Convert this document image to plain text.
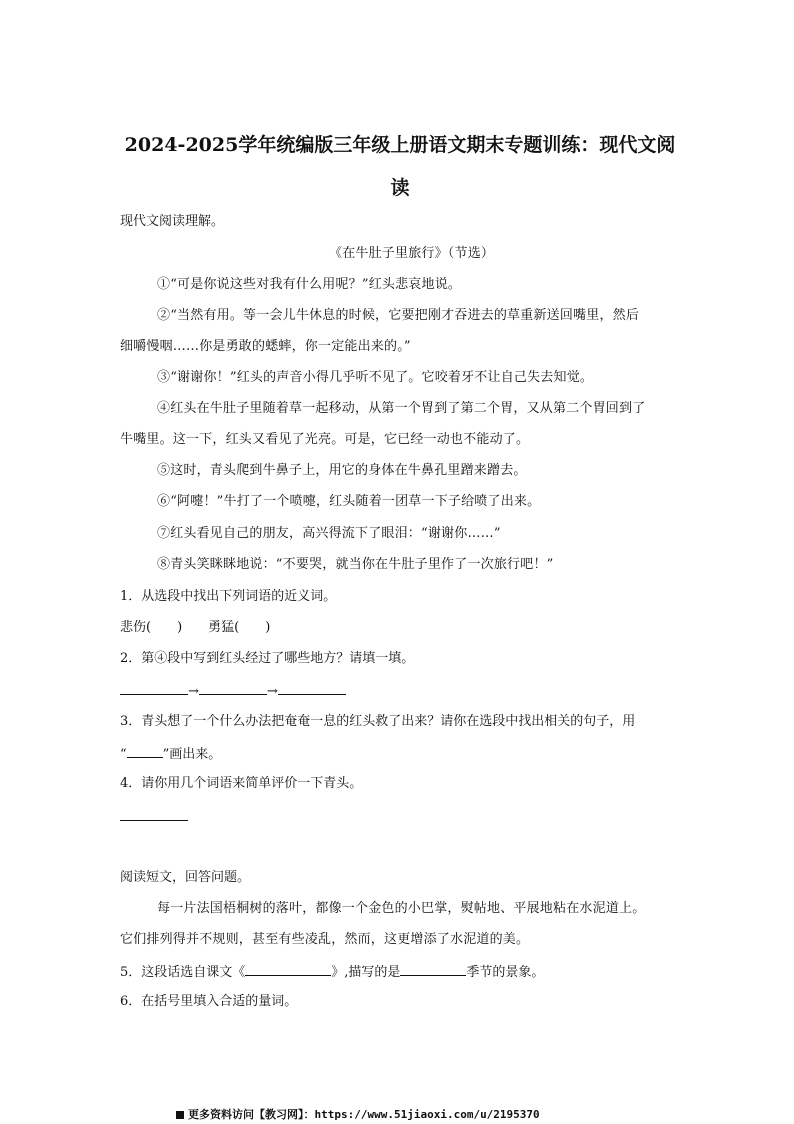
2024-2025学年统编版三年级上册语文期末专题训练：现代文阅
读
现代文阅读理解。
《在牛肚子里旅行》（节选）
①“可是你说这些对我有什么用呢？”红头悲哀地说。
②“当然有用。等一会儿牛休息的时候，它要把刚才吞进去的草重新送回嘴里，然后
细嚼慢咽……你是勇敢的蟋蟀，你一定能出来的。”
③“谢谢你！”红头的声音小得几乎听不见了。它咬着牙不让自己失去知觉。
④红头在牛肚子里随着草一起移动，从第一个胃到了第二个胃，又从第二个胃回到了
牛嘴里。这一下，红头又看见了光亮。可是，它已经一动也不能动了。
⑤这时，青头爬到牛鼻子上，用它的身体在牛鼻孔里蹭来蹭去。
⑥“阿嚏！”牛打了一个喷嚏，红头随着一团草一下子给喷了出来。
⑦红头看见自己的朋友，高兴得流下了眼泪：“谢谢你……”
⑧青头笑眯眯地说：“不要哭，就当你在牛肚子里作了一次旅行吧！”
1．从选段中找出下列词语的近义词。
悲伤(　　)　　勇猛(　　)
2．第④段中写到红头经过了哪些地方？请填一填。
→	→
3．青头想了一个什么办法把奄奄一息的红头救了出来？请你在选段中找出相关的句子，用
“	”画出来。
4．请你用几个词语来简单评价一下青头。
阅读短文，回答问题。
每一片法国梧桐树的落叶，都像一个金色的小巴掌，熨帖地、平展地粘在水泥道上。
它们排列得并不规则，甚至有些凌乱，然而，这更增添了水泥道的美。
5．这段话选自课文《	》,描写的是	季节的景象。
6．在括号里填入合适的量词。
更多资料访问【教习网】：https://www.51jiaoxi.com/u/2195370
